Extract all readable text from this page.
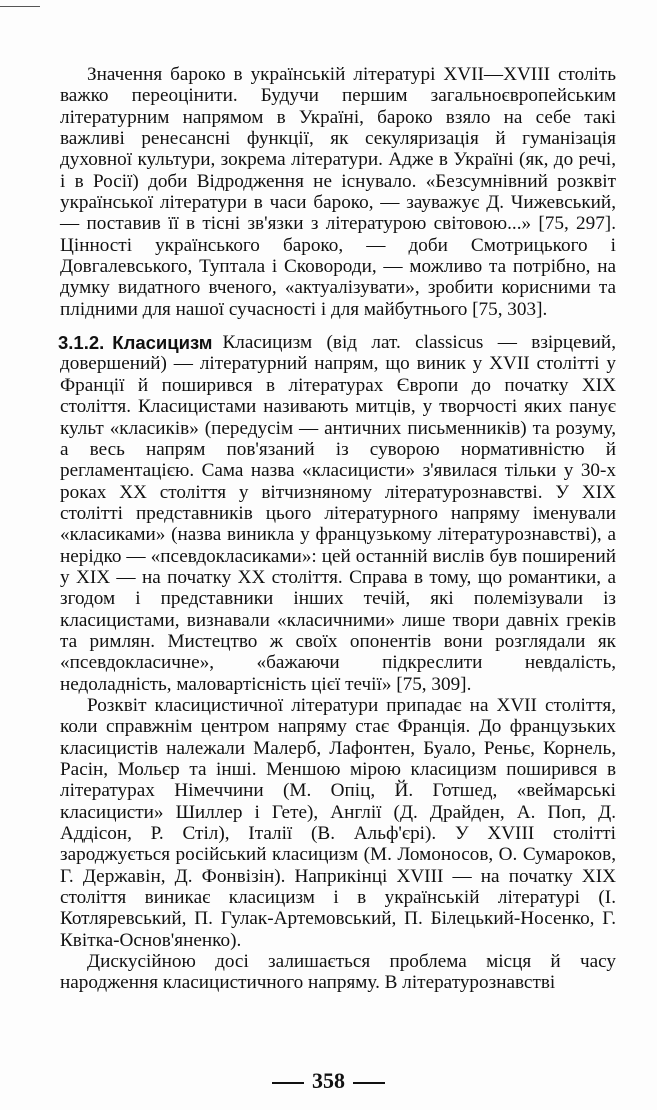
Значення бароко в українській літературі XVII—XVIII століть важко переоцінити. Будучи першим загальноєвропейським літературним напрямом в Україні, бароко взяло на себе такі важливі ренесансні функції, як секуляризація й гуманізація духовної культури, зокрема літератури. Адже в Україні (як, до речі, і в Росії) доби Відродження не існувало. «Безсумнівний розквіт української літератури в часи бароко, — зауважує Д. Чижевський, — поставив її в тісні зв'язки з літературою світовою...» [75, 297]. Цінності українського бароко, — доби Смотрицького і Довгалевського, Туптала і Сковороди, — можливо та потрібно, на думку видатного вченого, «актуалізувати», зробити корисними та плідними для нашої сучасності і для майбутнього [75, 303].

3.1.2. Класицизм Класицизм (від лат. classicus — взірцевий, довершений) — літературний напрям, що виник у XVII столітті у Франції й поширився в літературах Європи до початку XIX століття. Класицистами називають митців, у творчості яких панує культ «класиків» (передусім — античних письменників) та розуму, а весь напрям пов'язаний із суворою нормативністю й регламентацією. Сама назва «класицисти» з'явилася тільки у 30-х роках XX століття у вітчизняному літературознавстві. У XIX столітті представників цього літературного напряму іменували «класиками» (назва виникла у французькому літературознавстві), а нерідко — «псевдокласиками»: цей останній вислів був поширений у XIX — на початку XX століття. Справа в тому, що романтики, а згодом і представники інших течій, які полемізували із класицистами, визнавали «класичними» лише твори давніх греків та римлян. Мистецтво ж своїх опонентів вони розглядали як «псевдокласичне», «бажаючи підкреслити невдалість, недоладність, маловартісність цієї течії» [75, 309].

Розквіт класицистичної літератури припадає на XVII століття, коли справжнім центром напряму стає Франція. До французьких класицистів належали Малерб, Лафонтен, Буало, Реньє, Корнель, Расін, Мольєр та інші. Меншою мірою класицизм поширився в літературах Німеччини (М. Опіц, Й. Готшед, «веймарські класицисти» Шиллер і Гете), Англії (Д. Драйден, А. Поп, Д. Аддісон, Р. Стіл), Італії (В. Альф'єрі). У XVIII столітті зароджується російський класицизм (М. Ломоносов, О. Сумароков, Г. Державін, Д. Фонвізін). Наприкінці XVIII — на початку XIX століття виникає класицизм і в українській літературі (І. Котляревський, П. Гулак-Артемовський, П. Білецький-Носенко, Г. Квітка-Основ'яненко).

Дискусійною досі залишається проблема місця й часу народження класицистичного напряму. В літературознавстві

358
